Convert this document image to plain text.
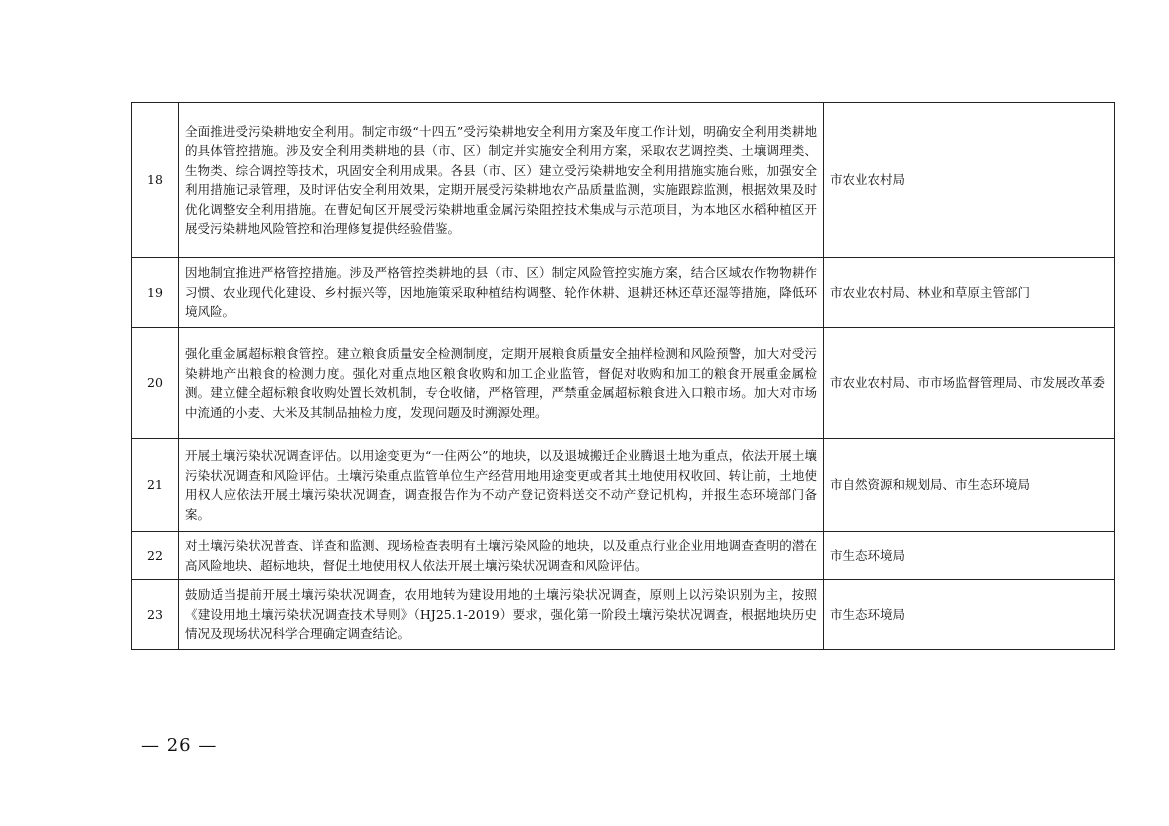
18	全面推进受污染耕地安全利用。制定市级“十四五”受污染耕地安全利用方案及年度工作计划，明确安全利用类耕地的具体管控措施。涉及安全利用类耕地的县（市、区）制定并实施安全利用方案，采取农艺调控类、土壤调理类、生物类、综合调控等技术，巩固安全利用成果。各县（市、区）建立受污染耕地安全利用措施实施台账，加强安全利用措施记录管理，及时评估安全利用效果，定期开展受污染耕地农产品质量监测，实施跟踪监测，根据效果及时优化调整安全利用措施。在曹妃甸区开展受污染耕地重金属污染阻控技术集成与示范项目，为本地区水稻种植区开展受污染耕地风险管控和治理修复提供经验借鉴。	市农业农村局
19	因地制宜推进严格管控措施。涉及严格管控类耕地的县（市、区）制定风险管控实施方案，结合区域农作物物耕作习惯、农业现代化建设、乡村振兴等，因地施策采取种植结构调整、轮作休耕、退耕还林还草还湿等措施，降低环境风险。	市农业农村局、林业和草原主管部门
20	强化重金属超标粮食管控。建立粮食质量安全检测制度，定期开展粮食质量安全抽样检测和风险预警，加大对受污染耕地产出粮食的检测力度。强化对重点地区粮食收购和加工企业监管，督促对收购和加工的粮食开展重金属检测。建立健全超标粮食收购处置长效机制，专仓收储，严格管理，严禁重金属超标粮食进入口粮市场。加大对市场中流通的小麦、大米及其制品抽检力度，发现问题及时溯源处理。	市农业农村局、市市场监督管理局、市发展改革委
21	开展土壤污染状况调查评估。以用途变更为“一住两公”的地块，以及退城搬迁企业腾退土地为重点，依法开展土壤污染状况调查和风险评估。土壤污染重点监管单位生产经营用地用途变更或者其土地使用权收回、转让前，土地使用权人应依法开展土壤污染状况调查，调查报告作为不动产登记资料送交不动产登记机构，并报生态环境部门备案。	市自然资源和规划局、市生态环境局
22	对土壤污染状况普查、详查和监测、现场检查表明有土壤污染风险的地块，以及重点行业企业用地调查查明的潜在高风险地块、超标地块，督促土地使用权人依法开展土壤污染状况调查和风险评估。	市生态环境局
23	鼓励适当提前开展土壤污染状况调查，农用地转为建设用地的土壤污染状况调查，原则上以污染识别为主，按照《建设用地土壤污染状况调查技术导则》（HJ25.1-2019）要求，强化第一阶段土壤污染状况调查，根据地块历史情况及现场状况科学合理确定调查结论。	市生态环境局
— 26 —
